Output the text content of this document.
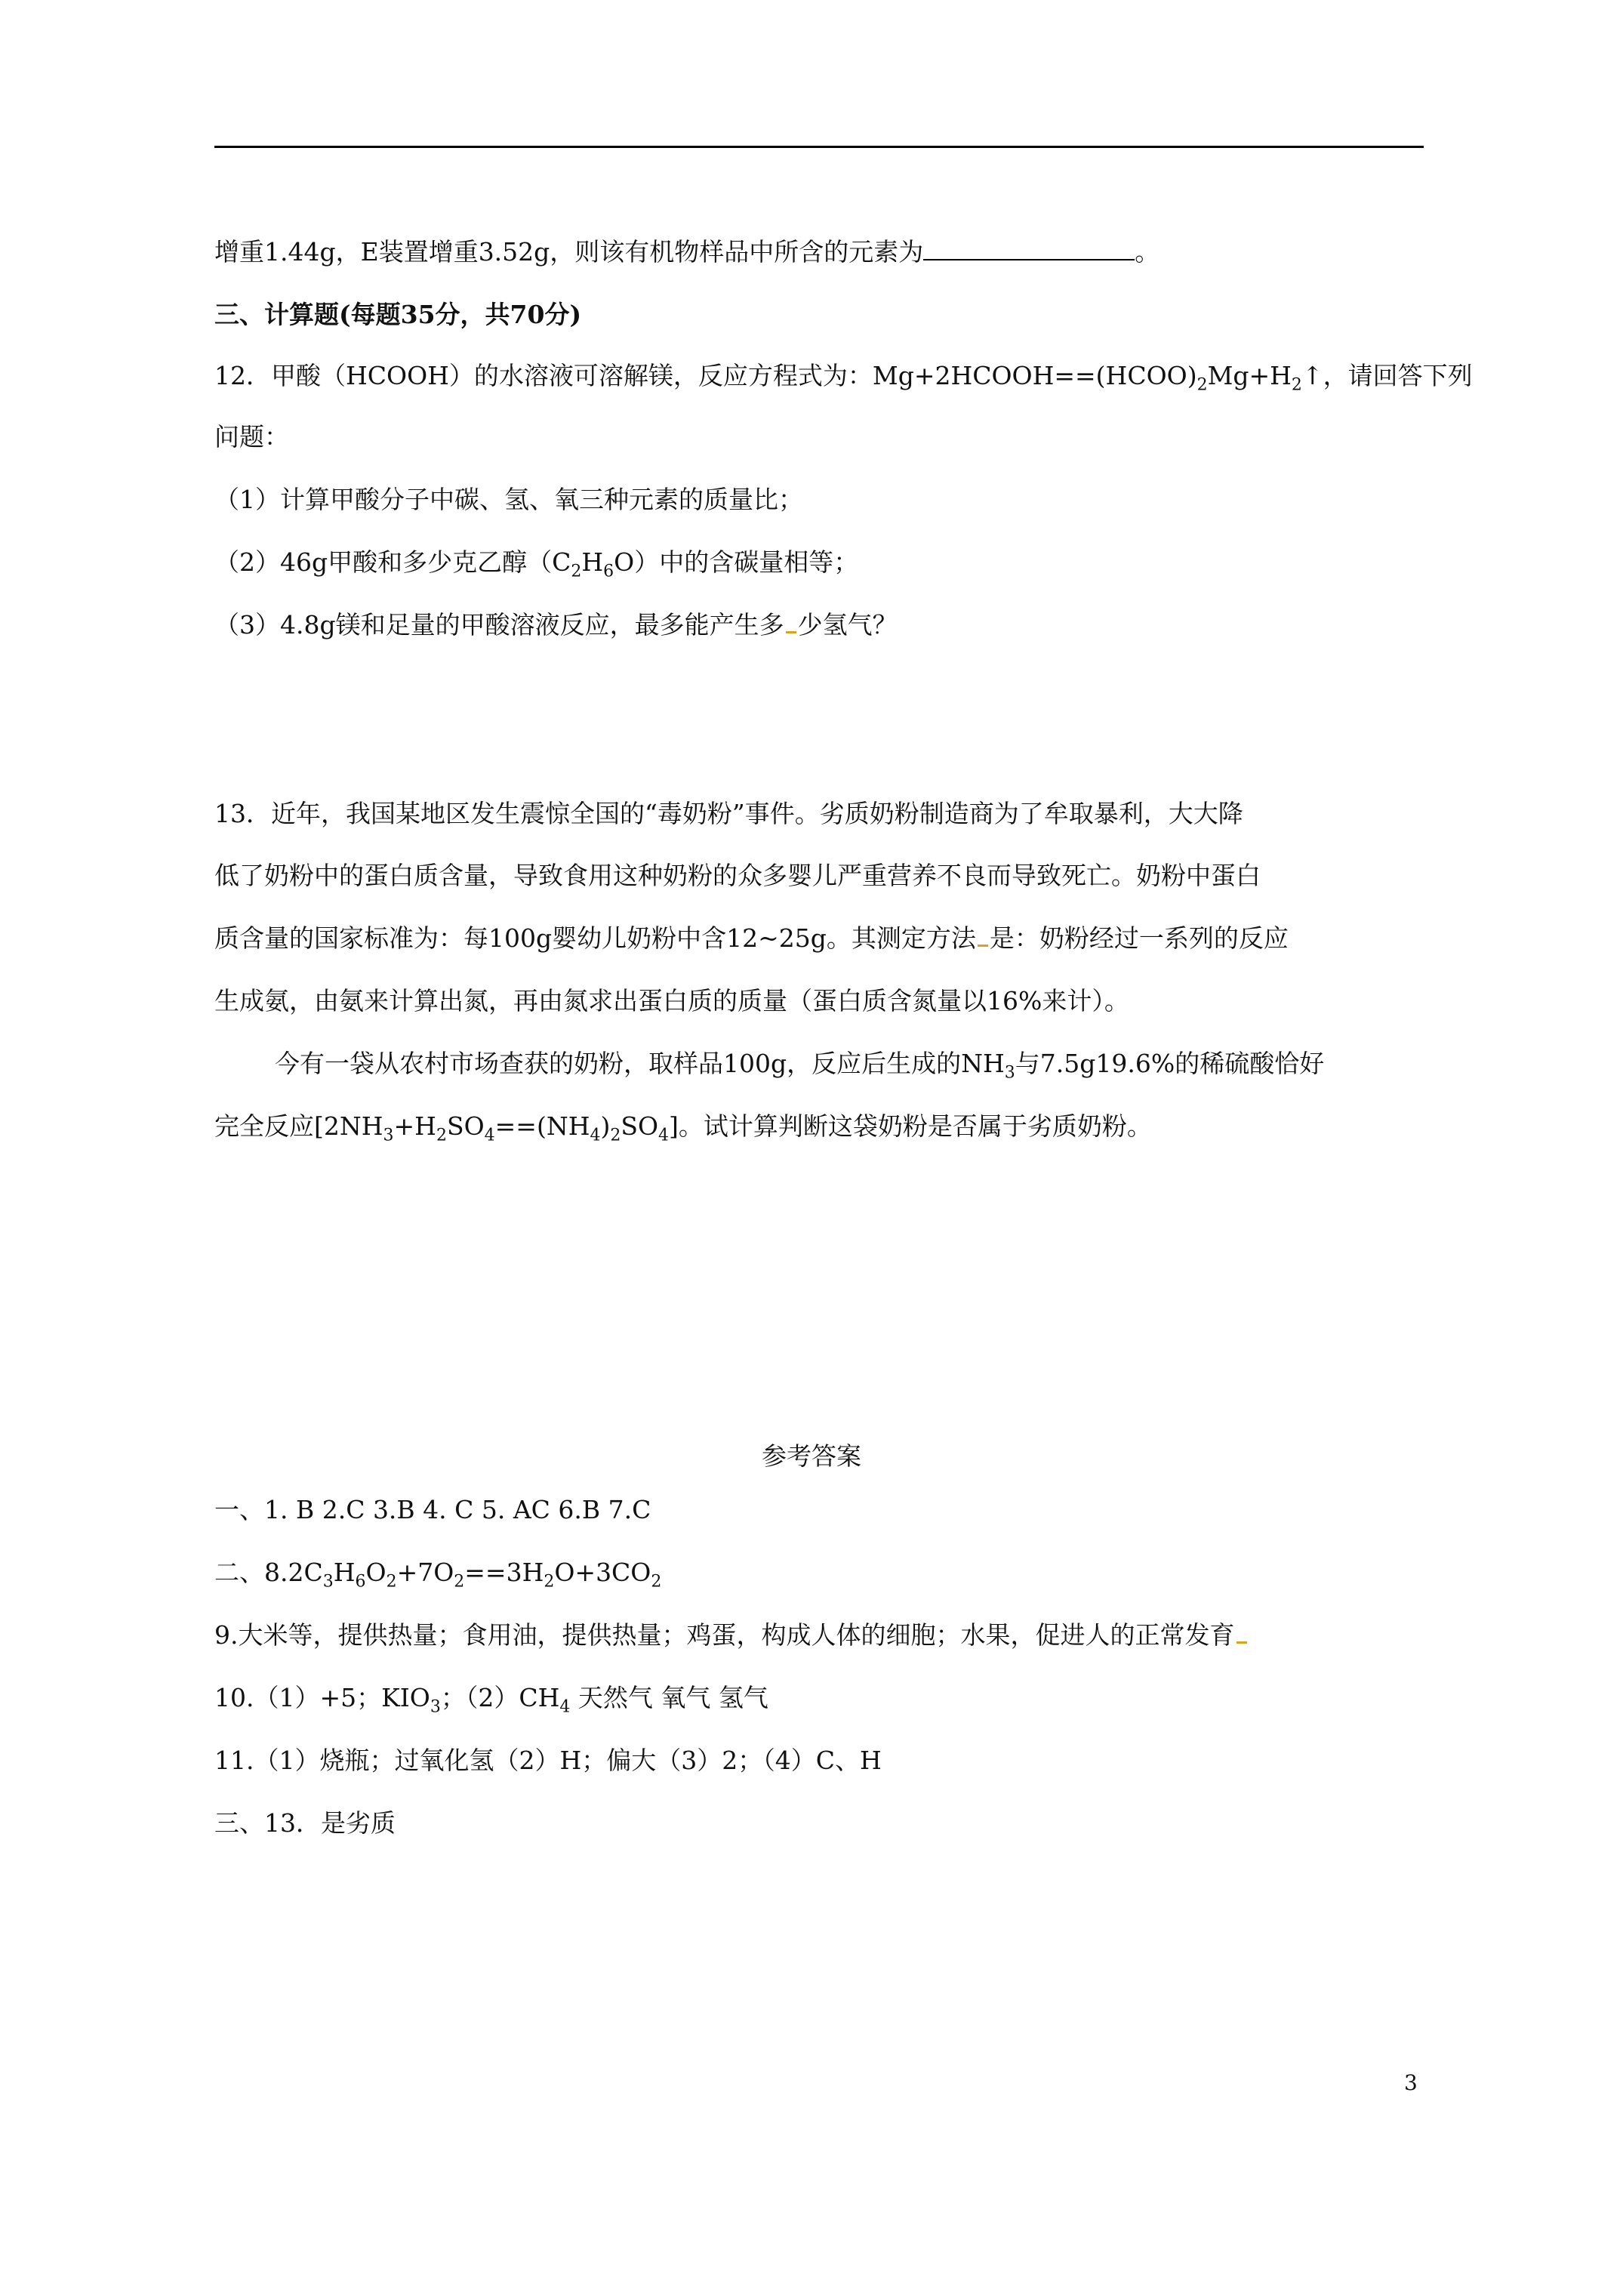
增重1.44g，E装置增重3.52g，则该有机物样品中所含的元素为	。
三、计算题(每题35分，共70分)
12．甲酸（HCOOH）的水溶液可溶解镁，反应方程式为：$Mg+2HCOOH==(HCOO)_2Mg+H_2↑$，请回答下列
问题：
（1）计算甲酸分子中碳、氢、氧三种元素的质量比；
（2）46g甲酸和多少克乙醇$(C_2H_6O)$中的含碳量相等；
（3）4.8g镁和足量的甲酸溶液反应，最多能产生多 少氢气？
13．近年，我国某地区发生震惊全国的“毒奶粉”事件。劣质奶粉制造商为了牟取暴利，大大降
低了奶粉中的蛋白质含量，导致食用这种奶粉的众多婴儿严重营养不良而导致死亡。奶粉中蛋白
质含量的国家标准为：每100g婴幼儿奶粉中含12~25g。其测定方法 是：奶粉经过一系列的反应
生成氨，由氨来计算出氮，再由氮求出蛋白质的质量（蛋白质含氮量以16%来计）。
今有一袋从农村市场查获的奶粉，取样品100g，反应后生成的$NH_3$与7.5g19.6%的稀硫酸恰好
完全反应$[2NH_3+H_2SO_4==(NH_4)_2SO_4]$。试计算判断这袋奶粉是否属于劣质奶粉。
参考答案
一、1. B 2.C 3.B 4. C 5. AC 6.B 7.C
二、$8.2C_3H_6O_2+7O_2==3H_2O+3CO_2$
9.大米等，提供热量；食用油，提供热量；鸡蛋，构成人体的细胞；水果，促进人的正常发育
10.（1）+5；$KIO_3$；$(2)CH_4$ 天然气 氧气 氢气
11.（1）烧瓶；过氧化氢（2）H；偏大（3）2；（4）C、H
三、13．是劣质
3
